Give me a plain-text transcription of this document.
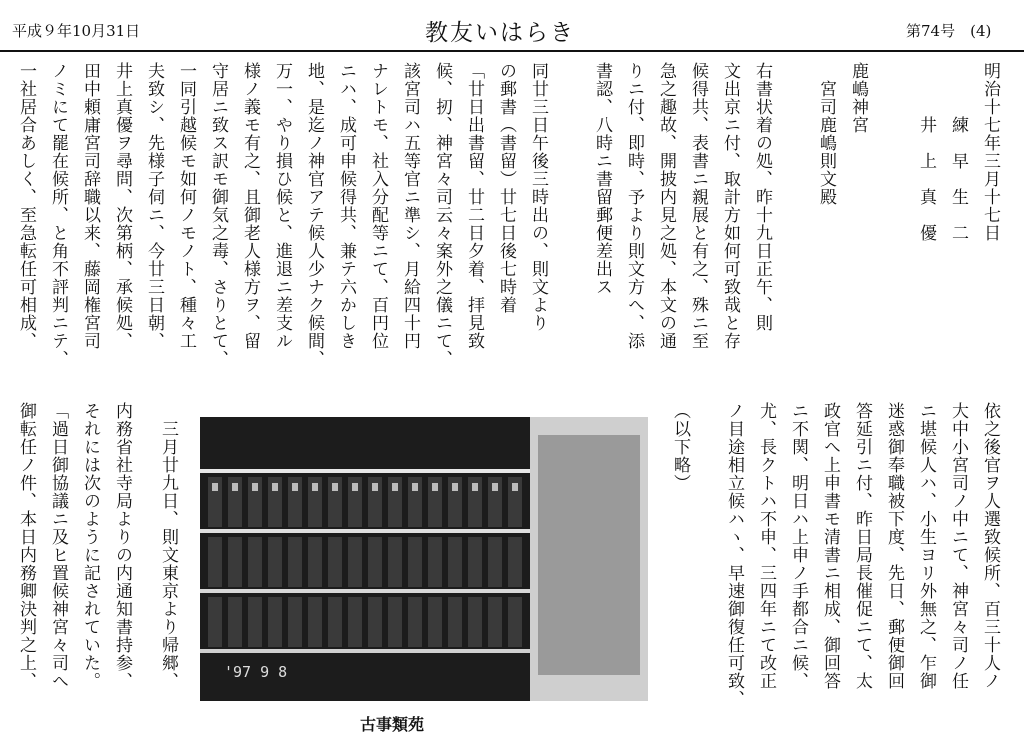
平成９年10月31日	教友いはらき	第74号　(4)
明治十七年三月十七日
　　　練　早　生　二
　　　井　上　真　優
鹿嶋神宮
　宮司鹿嶋則文殿
右書状着の処、昨十九日正午、則
文出京ニ付、取計方如何可致哉と存
候得共、表書ニ親展と有之、殊ニ至
急之趣故、開披内見之処、本文の通
りニ付、即時、予より則文方へ、添
書認、八時ニ書留郵便差出ス
同廿三日午後三時出の、則文より
の郵書（書留）廿七日後七時着
「廿日出書留、廿二日夕着、拝見致
候、扨、神宮々司云々案外之儀ニて、
該宮司ハ五等官ニ準シ、月給四十円
ナレトモ、社入分配等ニて、百円位
ニハ、成可申候得共、兼テ六かしき
地、是迄ノ神官アテ候人少ナク候間、
万一、やり損ひ候と、進退ニ差支ル
様ノ義モ有之、且御老人様方ヲ、留
守居ニ致ス訳モ御気之毒、さりとて、
一同引越候モ如何ノモノト、種々工
夫致シ、先様子伺ニ、今廿三日朝、
井上真優ヲ尋問、次第柄、承候処、
田中頼庸宮司辞職以来、藤岡権宮司
ノミにて罷在候所、と角不評判ニテ、
一社居合あしく、至急転任可相成、
依之後官ヲ人選致候所、百三十人ノ
大中小宮司ノ中ニて、神宮々司ノ任
ニ堪候人ハ、小生ヨリ外無之、乍御
迷惑御奉職被下度、先日、郵便御回
答延引ニ付、昨日局長催促ニて、太
政官へ上申書モ清書ニ相成、御回答
ニ不関、明日ハ上申ノ手都合ニ候、
尤、長クトハ不申、三四年ニて改正
ノ目途相立候ハヽ、早速御復任可致、
（以下略）
御転任ノ件、本日内務卿決判之上、 「過日御協議ニ及ヒ置候神宮々司へ それには次のように記されていた。 内務省社寺局よりの内通知書持参、	　三月廿九日、則文東京より帰郷、	'97 9 8
古事類苑
